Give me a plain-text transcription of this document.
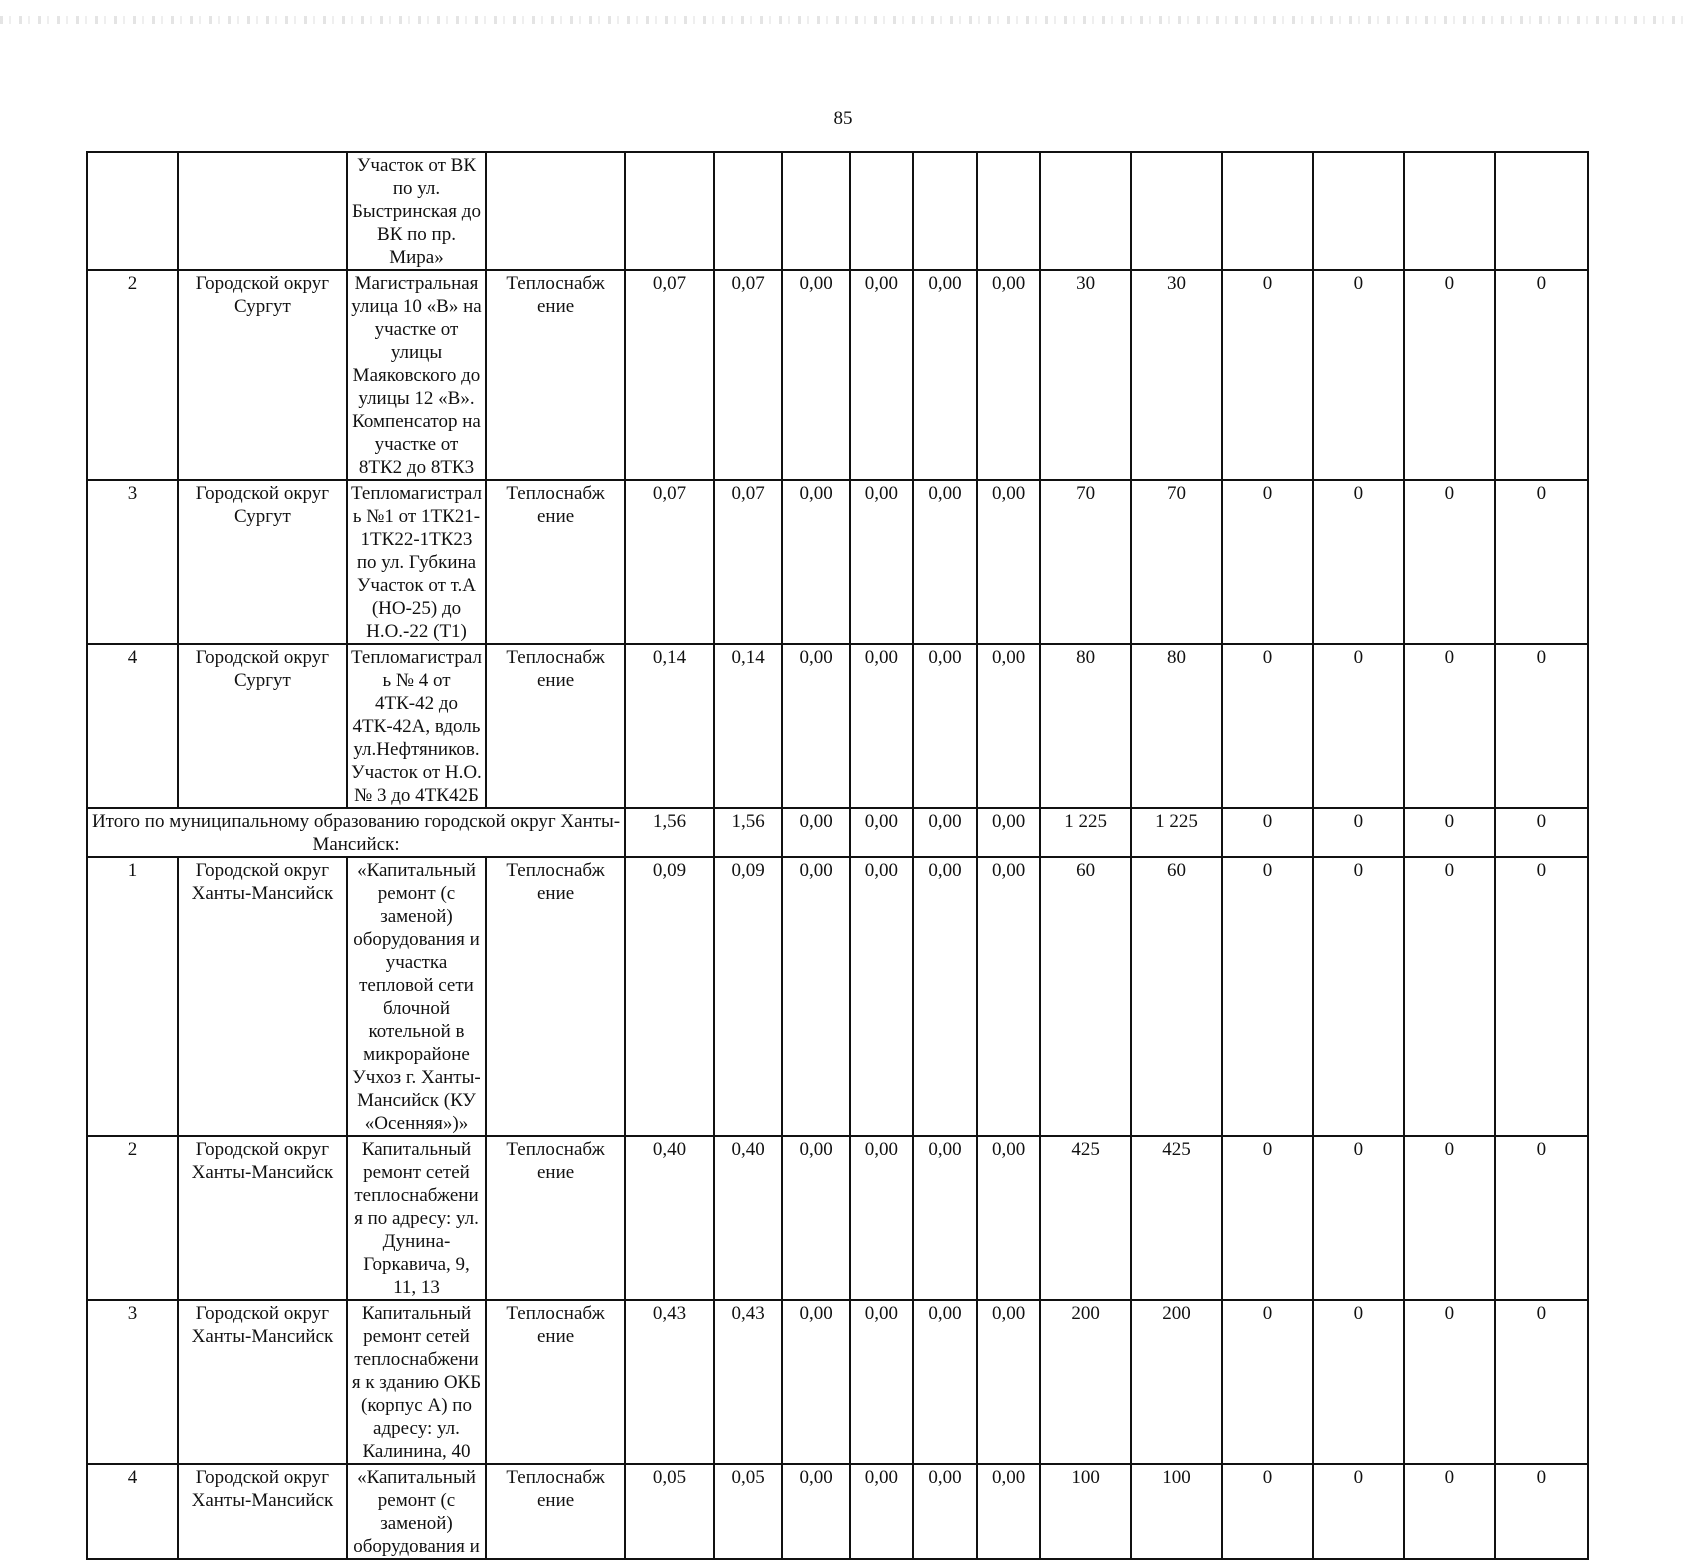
85
		Участок от ВК по ул. Быстринская до ВК по пр. Мира»													
2	Городской округ Сургут	Магистральная улица 10 «В» на участке от улицы Маяковского до улицы 12 «В». Компенсатор на участке от 8ТК2 до 8ТК3	Теплоснабж ение	0,07	0,07	0,00	0,00	0,00	0,00	30	30	0	0	0	0
3	Городской округ Сургут	Тепломагистраль №1 от 1ТК21-1ТК22-1ТК23 по ул. Губкина Участок от т.А (НО-25) до Н.О.-22 (Т1)	Теплоснабж ение	0,07	0,07	0,00	0,00	0,00	0,00	70	70	0	0	0	0
4	Городской округ Сургут	Тепломагистраль № 4 от 4ТК-42 до 4ТК-42А, вдоль ул.Нефтяников. Участок от Н.О. № 3 до 4ТК42Б	Теплоснабж ение	0,14	0,14	0,00	0,00	0,00	0,00	80	80	0	0	0	0
Итого по муниципальному образованию городской округ Ханты-Мансийск:				1,56	1,56	0,00	0,00	0,00	0,00	1 225	1 225	0	0	0	0
1	Городской округ Ханты-Мансийск	«Капитальный ремонт (с заменой) оборудования и участка тепловой сети блочной котельной в микрорайоне Учхоз г. Ханты-Мансийск (КУ «Осенняя»)»	Теплоснабж ение	0,09	0,09	0,00	0,00	0,00	0,00	60	60	0	0	0	0
2	Городской округ Ханты-Мансийск	Капитальный ремонт сетей теплоснабжения по адресу: ул. Дунина-Горкавича, 9, 11, 13	Теплоснабж ение	0,40	0,40	0,00	0,00	0,00	0,00	425	425	0	0	0	0
3	Городской округ Ханты-Мансийск	Капитальный ремонт сетей теплоснабжения к зданию ОКБ (корпус А) по адресу: ул. Калинина, 40	Теплоснабж ение	0,43	0,43	0,00	0,00	0,00	0,00	200	200	0	0	0	0
4	Городской округ Ханты-Мансийск	«Капитальный ремонт (с заменой) оборудования и	Теплоснабж ение	0,05	0,05	0,00	0,00	0,00	0,00	100	100	0	0	0	0
